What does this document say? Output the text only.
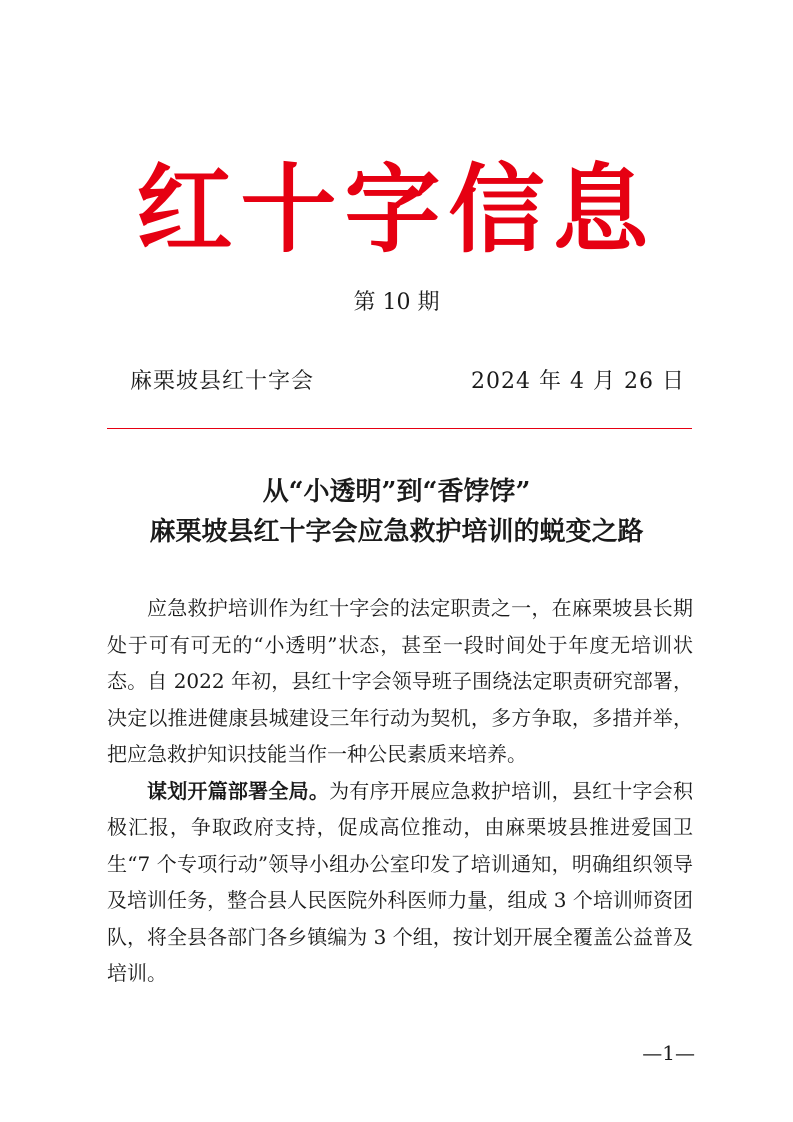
红十字信息
第 10 期
麻栗坡县红十字会	2024 年 4 月 26 日
从“小透明”到“香饽饽”
麻栗坡县红十字会应急救护培训的蜕变之路

应急救护培训作为红十字会的法定职责之一，在麻栗坡县长期处于可有可无的“小透明”状态，甚至一段时间处于年度无培训状态。自 2022 年初，县红十字会领导班子围绕法定职责研究部署，决定以推进健康县城建设三年行动为契机，多方争取，多措并举，把应急救护知识技能当作一种公民素质来培养。

谋划开篇部署全局。为有序开展应急救护培训，县红十字会积极汇报，争取政府支持，促成高位推动，由麻栗坡县推进爱国卫生“7 个专项行动”领导小组办公室印发了培训通知，明确组织领导及培训任务，整合县人民医院外科医师力量，组成 3 个培训师资团队，将全县各部门各乡镇编为 3 个组，按计划开展全覆盖公益普及培训。

—1—
